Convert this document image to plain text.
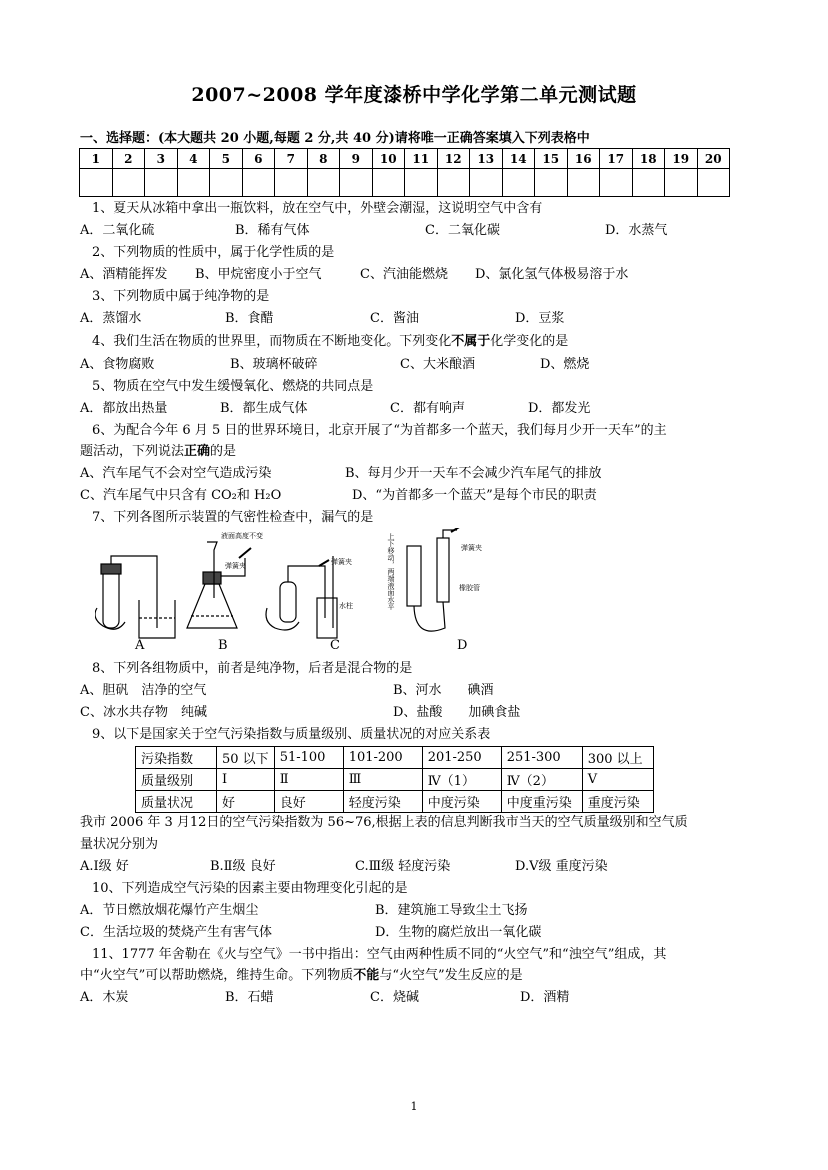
2007~2008 学年度漆桥中学化学第二单元测试题
一、选择题：(本大题共 20 小题,每题 2 分,共 40 分)请将唯一正确答案填入下列表格中
1	2	3	4	5	6	7	8	9	10	11	12	13	14	15	16	17	18	19	20

1、夏天从冰箱中拿出一瓶饮料，放在空气中，外壁会潮湿，这说明空气中含有
A．二氧化硫	B．稀有气体	C．二氧化碳	D．水蒸气
2、下列物质的性质中，属于化学性质的是
A、酒精能挥发 B、甲烷密度小于空气	C、汽油能燃烧 D、氯化氢气体极易溶于水
3、下列物质中属于纯净物的是
A．蒸馏水	B．食醋	C．酱油	D．豆浆
4、我们生活在物质的世界里，而物质在不断地变化。下列变化不属于化学变化的是
A、食物腐败	B、玻璃杯破碎	C、大米酿酒	D、燃烧
5、物质在空气中发生缓慢氧化、燃烧的共同点是
A．都放出热量	B．都生成气体	C．都有响声	D．都发光
6、为配合今年 6 月 5 日的世界环境日，北京开展了“为首都多一个蓝天，我们每月少开一天车”的主
题活动，下列说法正确的是
A、汽车尾气不会对空气造成污染	B、每月少开一天车不会减少汽车尾气的排放
C、汽车尾气中只含有 CO₂和 H₂O	D、“为首都多一个蓝天”是每个市民的职责
7、下列各图所示装置的气密性检查中，漏气的是
液面高度不变
弹簧夹	弹簧夹
水柱	上下移动，两端液面水平	弹簧夹
橡胶管
A	B	C	D
8、下列各组物质中，前者是纯净物，后者是混合物的是
A、胆矾　洁净的空气	B、河水　　碘酒
C、冰水共存物　纯碱	D、盐酸　　加碘食盐
9、以下是国家关于空气污染指数与质量级别、质量状况的对应关系表
污染指数	50 以下	51-100	101-200	201-250	251-300	300 以上
质量级别	Ⅰ	Ⅱ	Ⅲ	Ⅳ（1）	Ⅳ（2）	Ⅴ
质量状况	好	良好	轻度污染	中度污染	中度重污染	重度污染
我市 2006 年 3 月12日的空气污染指数为 56~76,根据上表的信息判断我市当天的空气质量级别和空气质
量状况分别为
A.Ⅰ级 好	B.Ⅱ级 良好	C.Ⅲ级 轻度污染	D.Ⅴ级 重度污染
10、下列造成空气污染的因素主要由物理变化引起的是
A．节日燃放烟花爆竹产生烟尘	B．建筑施工导致尘土飞扬
C．生活垃圾的焚烧产生有害气体	D．生物的腐烂放出一氧化碳
11、1777 年舍勒在《火与空气》一书中指出：空气由两种性质不同的“火空气”和“浊空气”组成，其
中“火空气”可以帮助燃烧，维持生命。下列物质不能与“火空气”发生反应的是
A．木炭	B．石蜡	C．烧碱	D．酒精
1
